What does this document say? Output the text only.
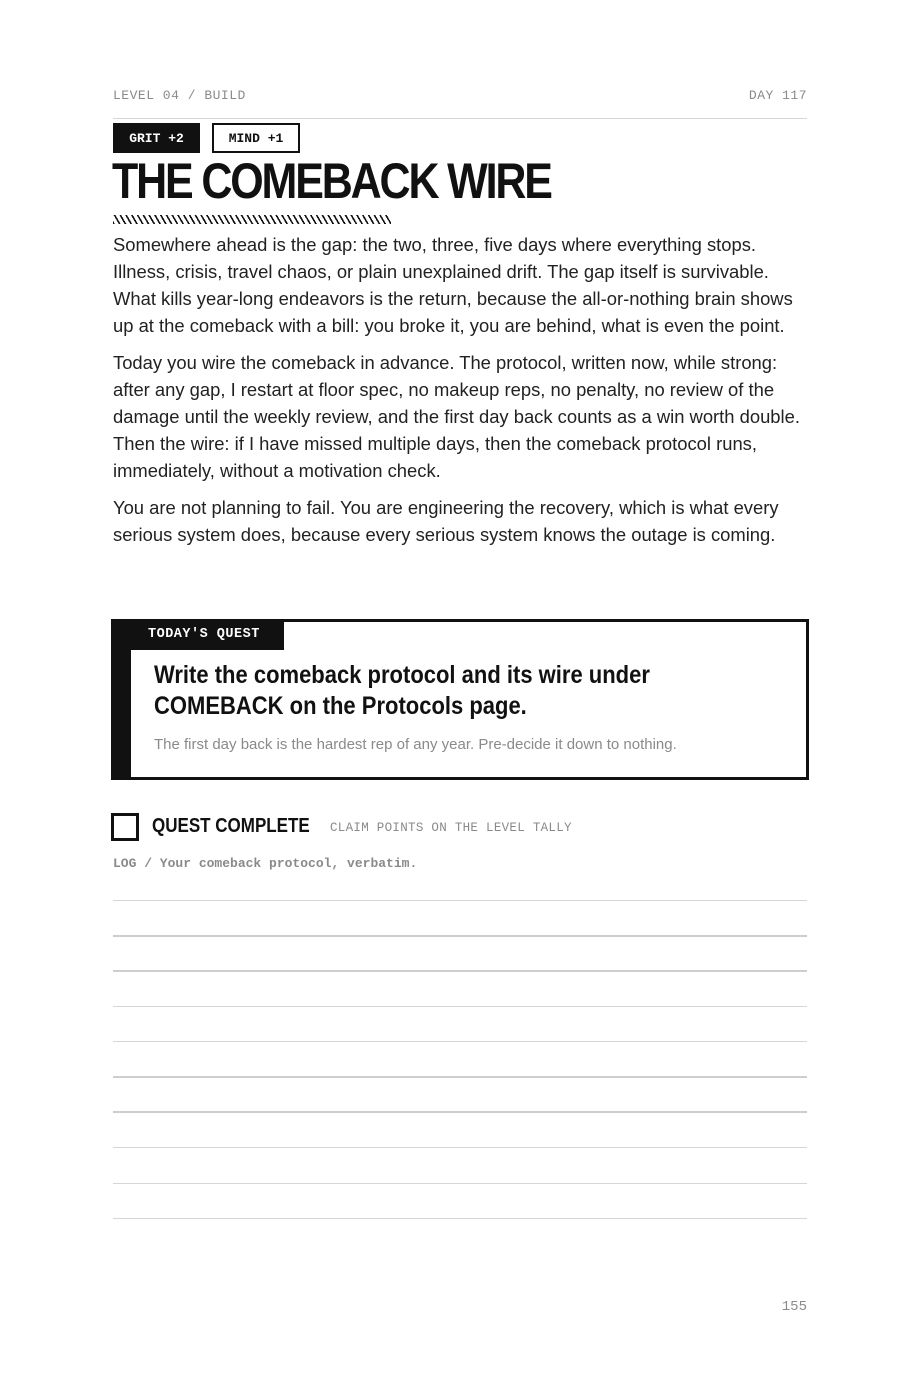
LEVEL 04 / BUILD	DAY 117
GRIT +2	MIND +1
THE COMEBACK WIRE

Somewhere ahead is the gap: the two, three, five days where everything stops. Illness, crisis, travel chaos, or plain unexplained drift. The gap itself is survivable. What kills year-long endeavors is the return, because the all-or-nothing brain shows up at the comeback with a bill: you broke it, you are behind, what is even the point.

Today you wire the comeback in advance. The protocol, written now, while strong: after any gap, I restart at floor spec, no makeup reps, no penalty, no review of the damage until the weekly review, and the first day back counts as a win worth double. Then the wire: if I have missed multiple days, then the comeback protocol runs, immediately, without a motivation check.

You are not planning to fail. You are engineering the recovery, which is what every serious system does, because every serious system knows the outage is coming.

TODAY'S QUEST
Write the comeback protocol and its wire under COMEBACK on the Protocols page.
The first day back is the hardest rep of any year. Pre-decide it down to nothing.
QUEST COMPLETE CLAIM POINTS ON THE LEVEL TALLY
LOG / Your comeback protocol, verbatim.
155
